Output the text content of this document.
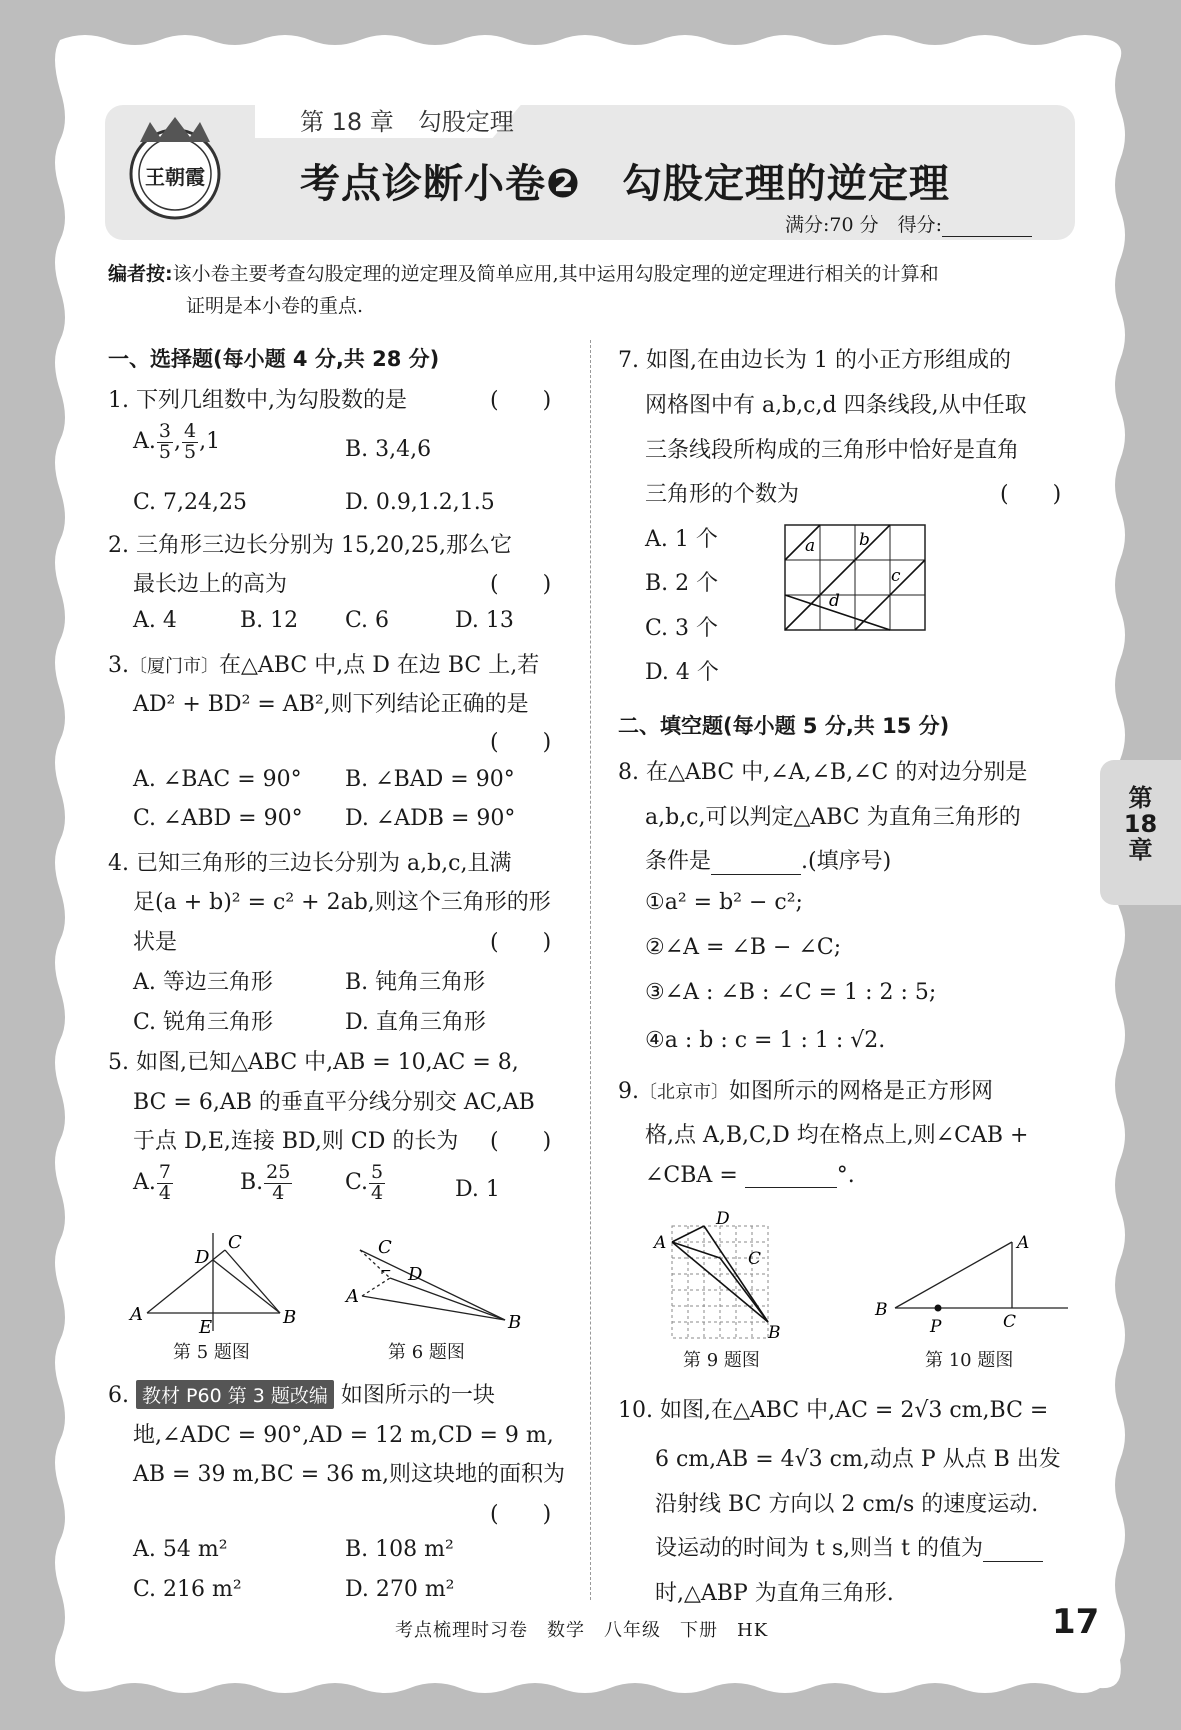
王朝霞
第 18 章　勾股定理
考点诊断小卷❷　勾股定理的逆定理
满分:70 分　得分:
编者按:该小卷主要考查勾股定理的逆定理及简单应用,其中运用勾股定理的逆定理进行相关的计算和
证明是本小卷的重点.
一、选择题(每小题 4 分,共 28 分)
1. 下列几组数中,为勾股数的是	(　　)
A. $\frac{3}{5}$ , $\frac{4}{5} ,1$	B. 3,4,6
C. 7,24,25	D. 0.9,1.2,1.5
2. 三角形三边长分别为 15,20,25,那么它
最长边上的高为	(　　)
A. 4	B. 12 C. 6	D. 13
3.〔厦门市〕在△ABC 中,点 D 在边 BC 上,若
AD² + BD² = AB²,则下列结论正确的是
(　　)
A. ∠BAC = 90° B. ∠BAD = 90°
C. ∠ABD = 90° D. ∠ADB = 90°
4. 已知三角形的三边长分别为 a,b,c,且满
足(a + b)² = c² + 2ab,则这个三角形的形
状是	(　　)
A. 等边三角形	B. 钝角三角形
C. 锐角三角形	D. 直角三角形
5. 如图,已知△ABC 中,AB = 10,AC = 8,
BC = 6,AB 的垂直平分线分别交 AC,AB
于点 D,E,连接 BD,则 CD 的长为 (　　)
A. $\frac{7}{4}$	B. $\frac{25}{4} C$. $\frac{5}{4}$	D. 1
D
C
A
E	B
第 5 题图
⌐
C
D
A
B
第 6 题图
6. 教材 P60 第 3 题改编 如图所示的一块
地,∠ADC = 90°,AD = 12 m,CD = 9 m,
AB = 39 m,BC = 36 m,则这块地的面积为
(　　)
A. 54 m²	B. 108 m²
C. 216 m²	D. 270 m²
7. 如图,在由边长为 1 的小正方形组成的
网格图中有 a,b,c,d 四条线段,从中任取
三条线段所构成的三角形中恰好是直角
三角形的个数为	(　　)
A. 1 个
B. 2 个
C. 3 个
D. 4 个
a	b
c
d
二、填空题(每小题 5 分,共 15 分)
8. 在△ABC 中,∠A,∠B,∠C 的对边分别是
a,b,c,可以判定△ABC 为直角三角形的
条件是	.(填序号)
①a² = b² − c²;
②∠A = ∠B − ∠C;
③∠A : ∠B : ∠C = 1 : 2 : 5;
④a : b : c = 1 : 1 : √2.
9.〔北京市〕如图所示的网格是正方形网
格,点 A,B,C,D 均在格点上,则∠CAB +
∠CBA =	°.
D
A
C
B
第 9 题图
A
B
P	C
第 10 题图
10. 如图,在△ABC 中,AC = 2√3 cm,BC =
6 cm,AB = 4√3 cm,动点 P 从点 B 出发
沿射线 BC 方向以 2 cm/s 的速度运动.
设运动的时间为 t s,则当 t 的值为
时,△ABP 为直角三角形.
第
18
章
考点梳理时习卷　数学　八年级　下册　HK	17
